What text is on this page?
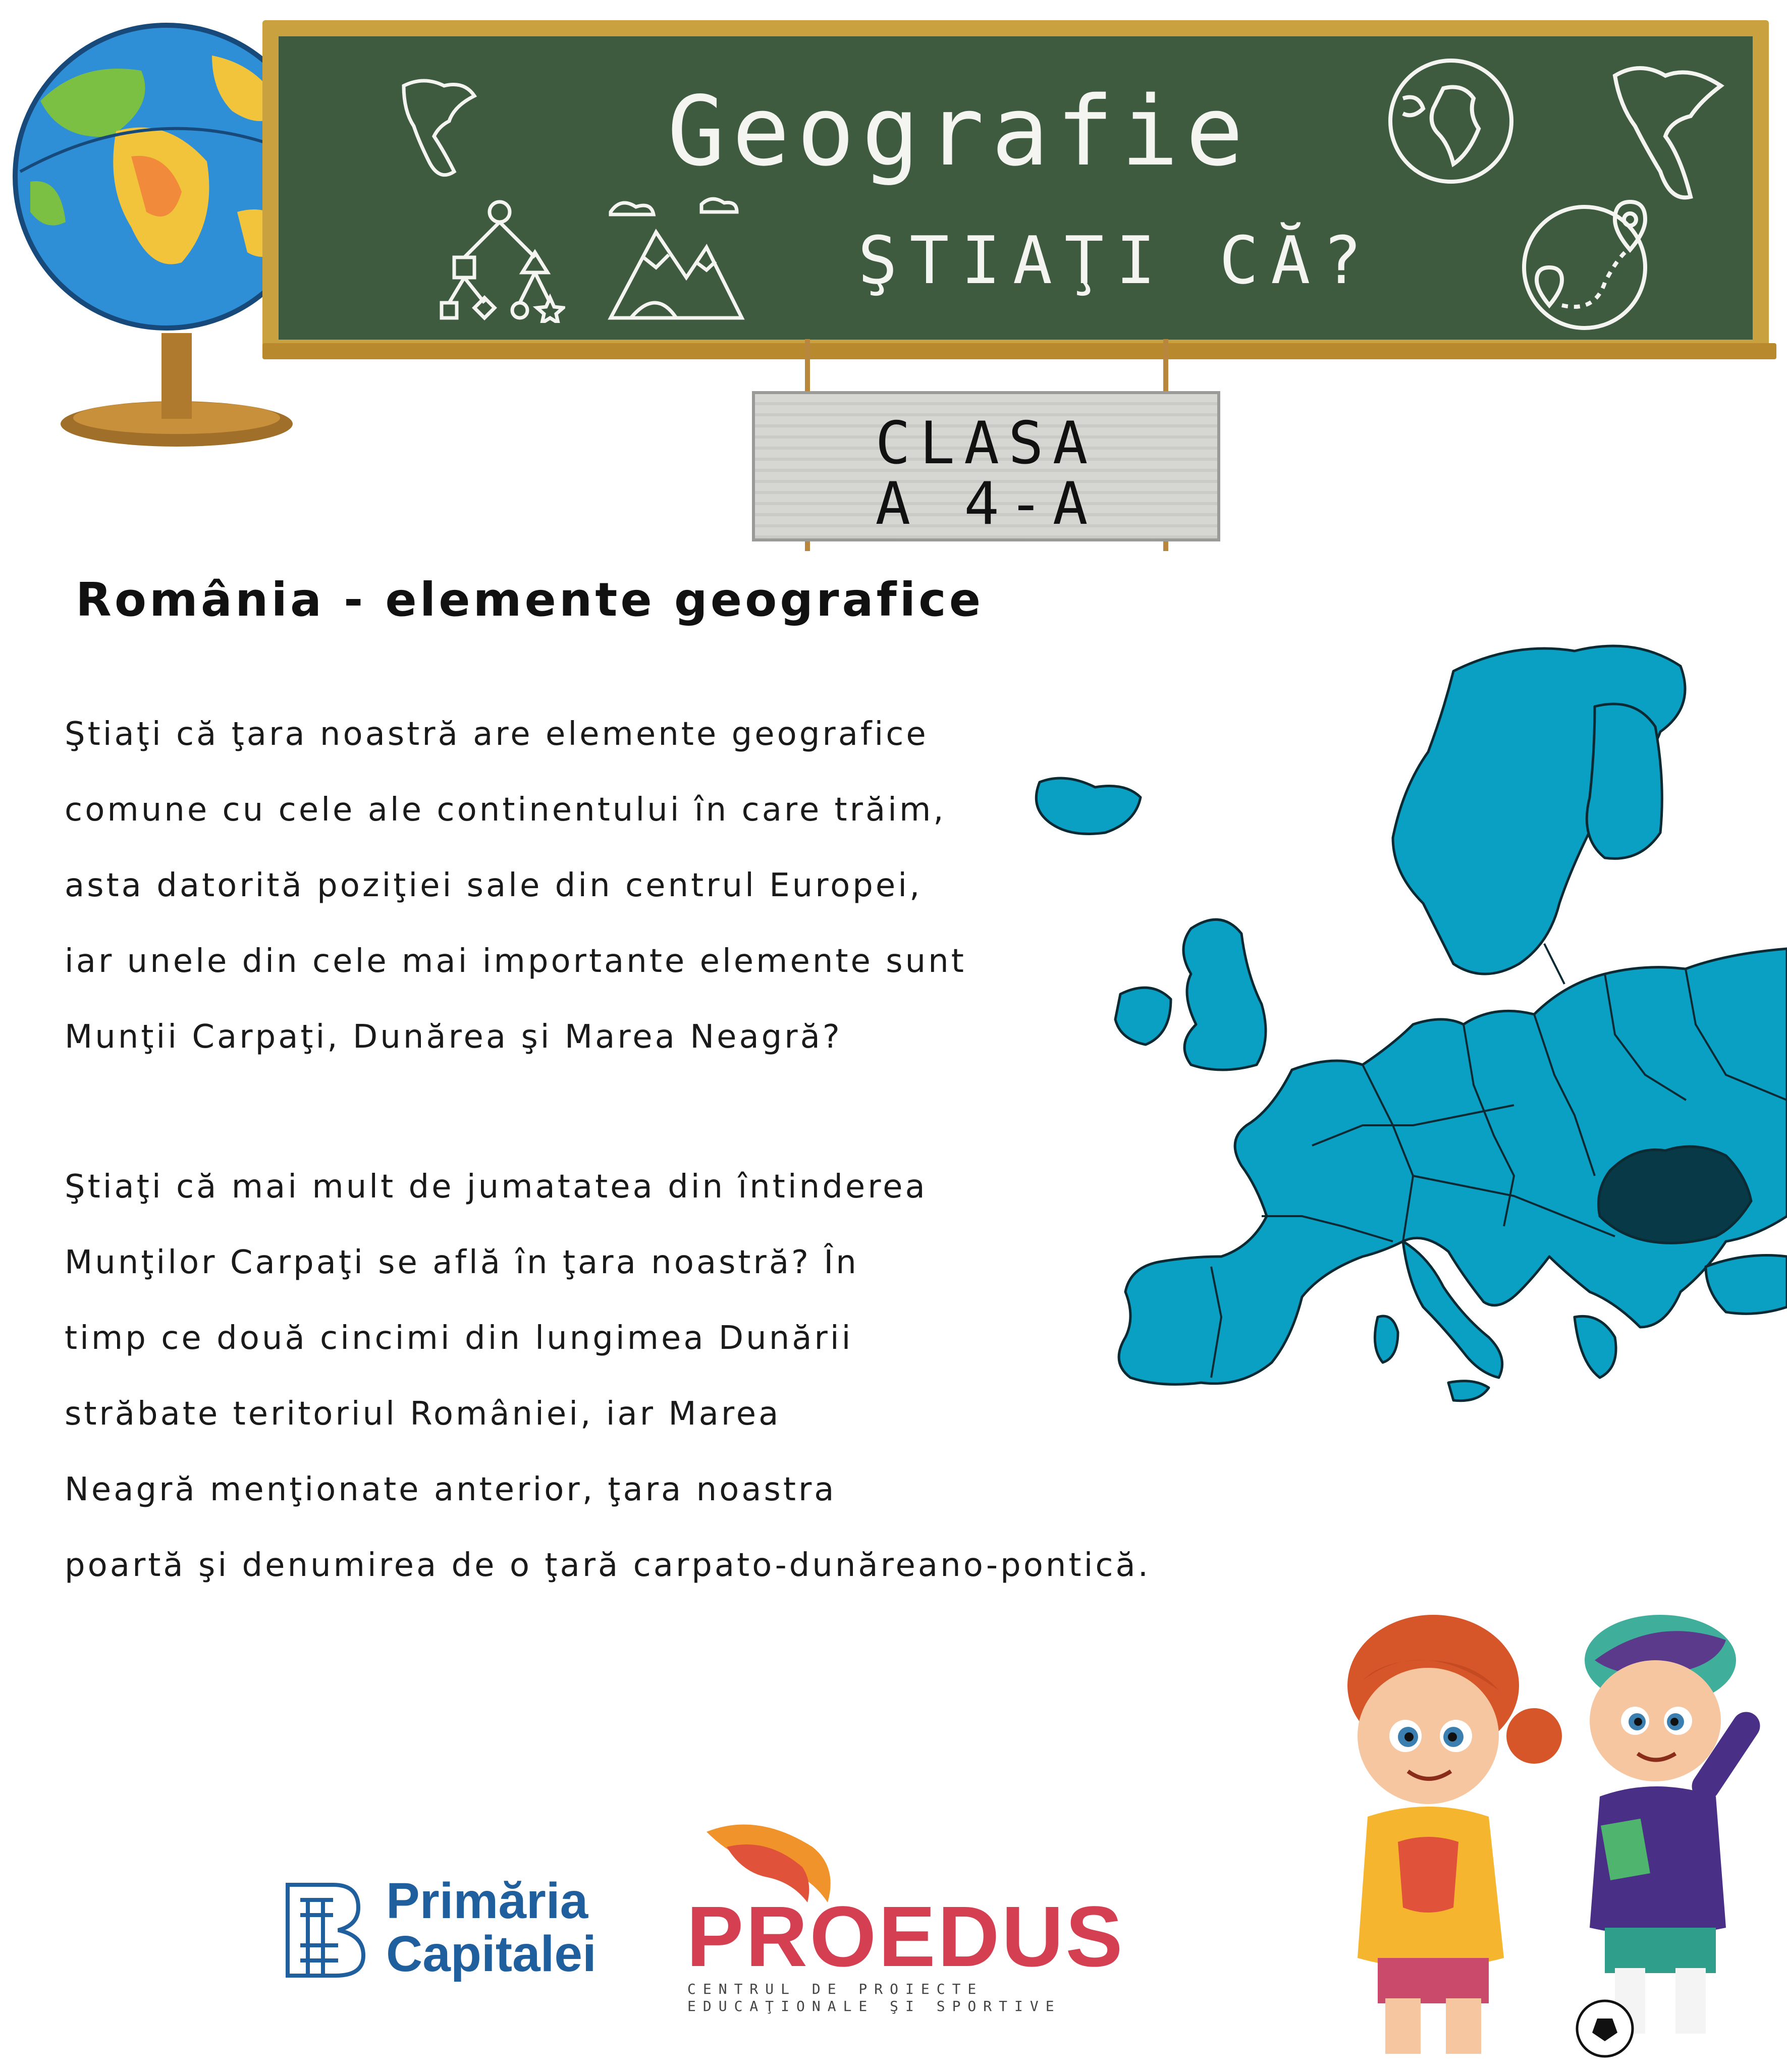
Geografie
ŞTIAŢI CĂ?
CLASA
A 4-A
România - elemente geografice
Ştiaţi că ţara noastră are elemente geografice
comune cu cele ale continentului în care trăim,
asta datorită poziţiei sale din centrul Europei,
iar unele din cele mai importante elemente sunt
Munţii Carpaţi, Dunărea şi Marea Neagră?
Ştiaţi că mai mult de jumatatea din întinderea
Munţilor Carpaţi se află în ţara noastră? În
timp ce două cincimi din lungimea Dunării
străbate teritoriul României, iar Marea
Neagră menţionate anterior, ţara noastra
poartă şi denumirea de o ţară carpato-dunăreano-pontică.
Primăria
Capitalei PROEDUS
CENTRUL DE PROIECTE
EDUCAŢIONALE ŞI SPORTIVE
